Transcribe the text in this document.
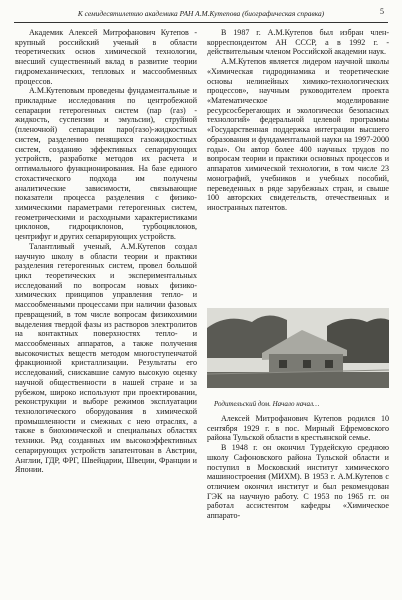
К семидесятилетию академика РАН А.М.Кутепова (биографическая справка)	5

Академик Алексей Митрофанович Кутепов - крупный российский ученый в области теоретических основ химической технологии, внесший существенный вклад в развитие теории гидромеханических, тепловых и массообменных процессов.

А.М.Кутеповым проведены фундаментальные и прикладные исследования по центробежной сепарации гетерогенных систем (пар (газ) - жидкость, суспензии и эмульсии), струйной (пленочной) сепарации паро(газо)-жидкостных систем, разделению пенящихся газожидкостных систем, созданию эффективных сепарирующих устройств, разработке методов их расчета и оптимального функционирования. На базе единого стохастического подхода им получены аналитические зависимости, связывающие показатели процесса разделения с физико-химическими параметрами гетерогенных систем, геометрическими и расходными характеристиками циклонов, гидроциклонов, турбоциклонов, центрифуг и других сепарирующих устройств.

Талантливый ученый, А.М.Кутепов создал научную школу в области теории и практики разделения гетерогенных систем, провел большой цикл теоретических и экспериментальных исследований по вопросам новых физико-химических принципов управления тепло- и массообменными процессами при наличии фазовых превращений, в том числе вопросам физикохимии выделения твердой фазы из растворов электролитов на контактных поверхностях тепло- и массообменных аппаратов, а также получения высокочистых веществ методом многоступенчатой фракционной кристаллизации. Результаты его исследований, снискавшие самую высокую оценку научной общественности в нашей стране и за рубежом, широко используют при проектировании, реконструкции и выборе режимов эксплуатации технологического оборудования в химической промышленности и смежных с нею отраслях, а также в биохимической и специальных областях техники. Ряд созданных им высокоэффективных сепарирующих устройств запатентован в Австрии, Англии, ГДР, ФРГ, Швейцарии, Швеции, Франции и Японии.

В 1987 г. А.М.Кутепов был избран член-корреспондентом АН СССР, а в 1992 г. - действительным членом Российской академии наук.

А.М.Кутепов является лидером научной школы «Химическая гидродинамика и теоретические основы нелинейных химико-технологических процессов», научным руководителем проекта «Математическое моделирование ресурсосберегающих и экологически безопасных технологий» федеральной целевой программы «Государственная поддержка интеграции высшего образования и фундаментальной науки на 1997-2000 годы». Он автор более 400 научных трудов по вопросам теории и практики основных процессов и аппаратов химической технологии, в том числе 23 монографий, учебников и учебных пособий, переведенных в ряде зарубежных стран, и свыше 100 авторских свидетельств, отечественных и иностранных патентов.

Родительский дом. Начало начал…

Алексей Митрофанович Кутепов родился 10 сентября 1929 г. в пос. Мирный Ефремовского района Тульской области в крестьянской семье.

В 1948 г. он окончил Турдейскую среднюю школу Сафоновского района Тульской области и поступил в Московский институт химического машиностроения (МИХМ). В 1953 г. А.М.Кутепов с отличием окончил институт и был рекомендован ГЭК на научную работу. С 1953 по 1965 гг. он работал ассистентом кафедры «Химическое аппарато-
